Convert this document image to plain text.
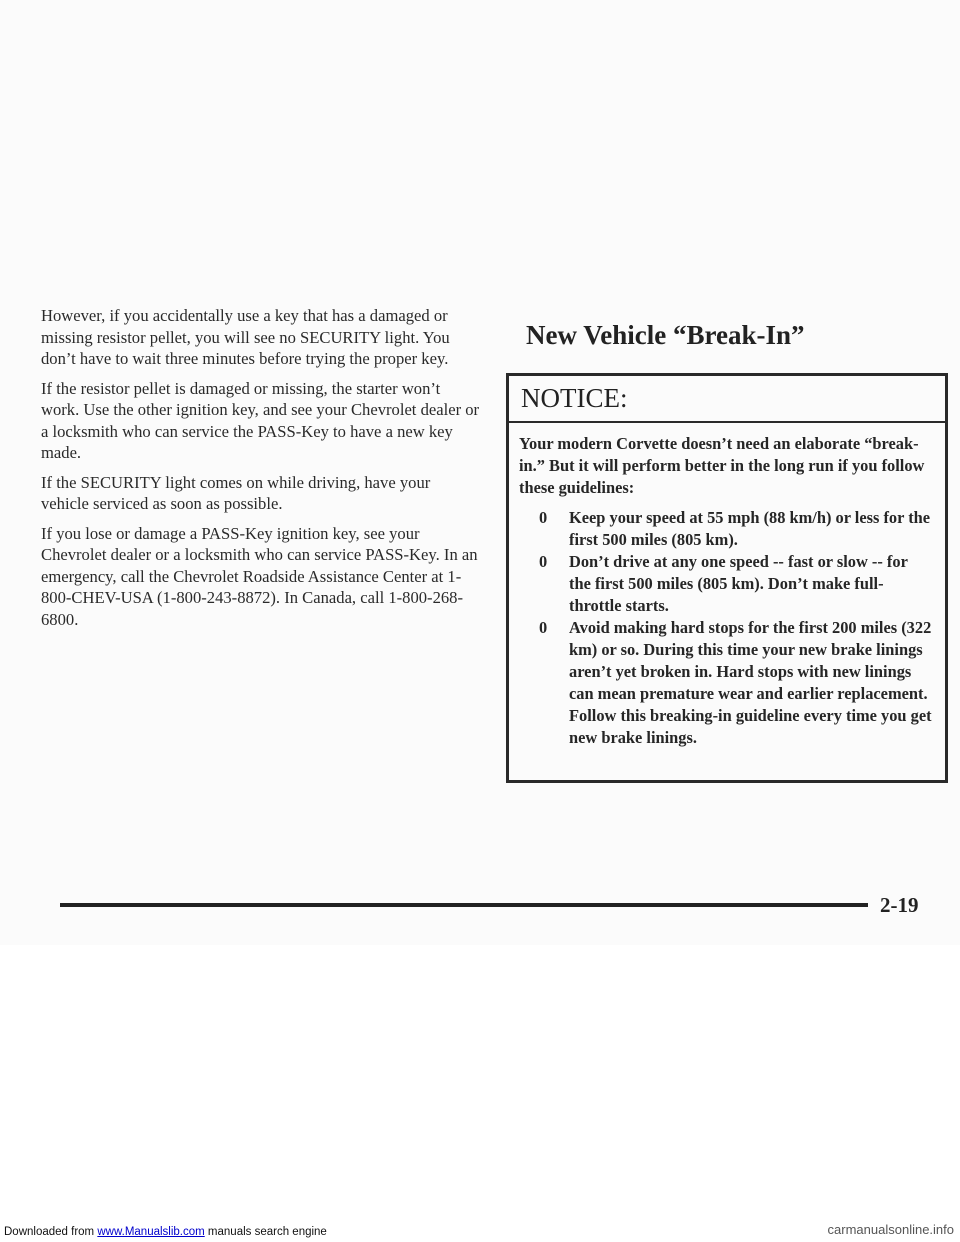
However, if you accidentally use a key that has a damaged or missing resistor pellet, you will see no SECURITY light. You don’t have to wait three minutes before trying the proper key.

If the resistor pellet is damaged or missing, the starter won’t work. Use the other ignition key, and see your Chevrolet dealer or a locksmith who can service the PASS-Key to have a new key made.

If the SECURITY light comes on while driving, have your vehicle serviced as soon as possible.

If you lose or damage a PASS-Key ignition key, see your Chevrolet dealer or a locksmith who can service PASS-Key. In an emergency, call the Chevrolet Roadside Assistance Center at 1-800-CHEV-USA (1-800-243-8872). In Canada, call 1-800-268-6800.

New Vehicle “Break-In”
NOTICE:

Your modern Corvette doesn’t need an elaborate “break-in.” But it will perform better in the long run if you follow these guidelines:

0 Keep your speed at 55 mph (88 km/h) or less for the first 500 miles (805 km).
0 Don’t drive at any one speed -- fast or slow -- for the first 500 miles (805 km). Don’t make full-throttle starts.
0 Avoid making hard stops for the first 200 miles (322 km) or so. During this time your new brake linings aren’t yet broken in. Hard stops with new linings can mean premature wear and earlier replacement. Follow this breaking-in guideline every time you get new brake linings.
2-19
Downloaded from www.Manualslib.com manuals search engine	carmanualsonline.info
